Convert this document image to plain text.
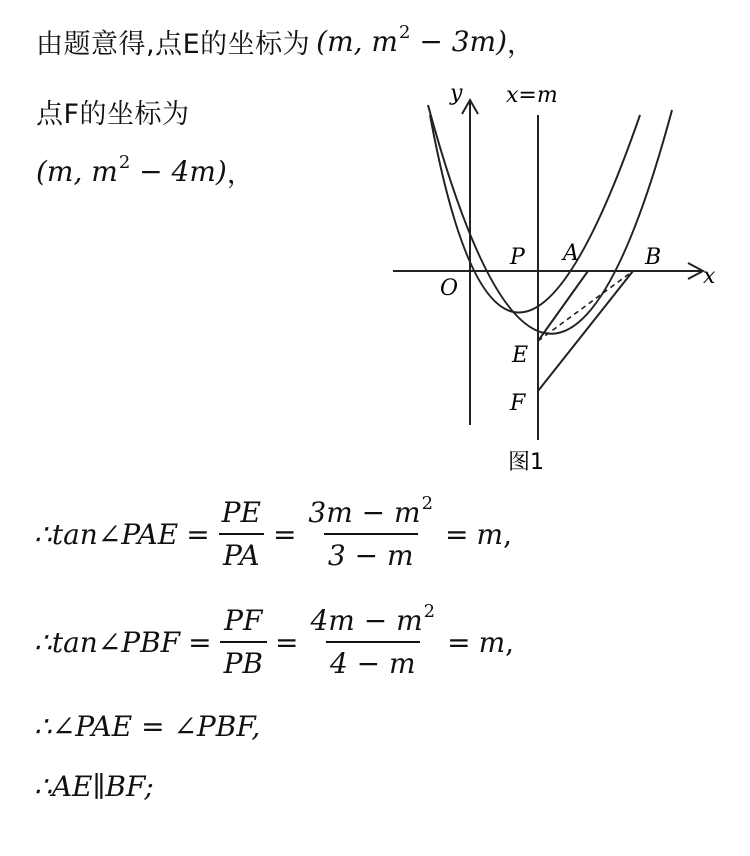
由题意得,点E的坐标为 (m, $m^2 - 3m$) ，
点F的坐标为
(m, $m^2 - 4m$) ，
y x=m
P A	B
x
O
E
F
图1
∴tan∠PAE = $\frac{PE}{PA} = \frac{3m - m^2}{3 - m} = m$ ,
∴tan∠PBF = $\frac{PF}{PB} = \frac{4m - m^2}{4 - m} = m$ ,
∴∠PAE = ∠PBF,
∴AE∥BF;
